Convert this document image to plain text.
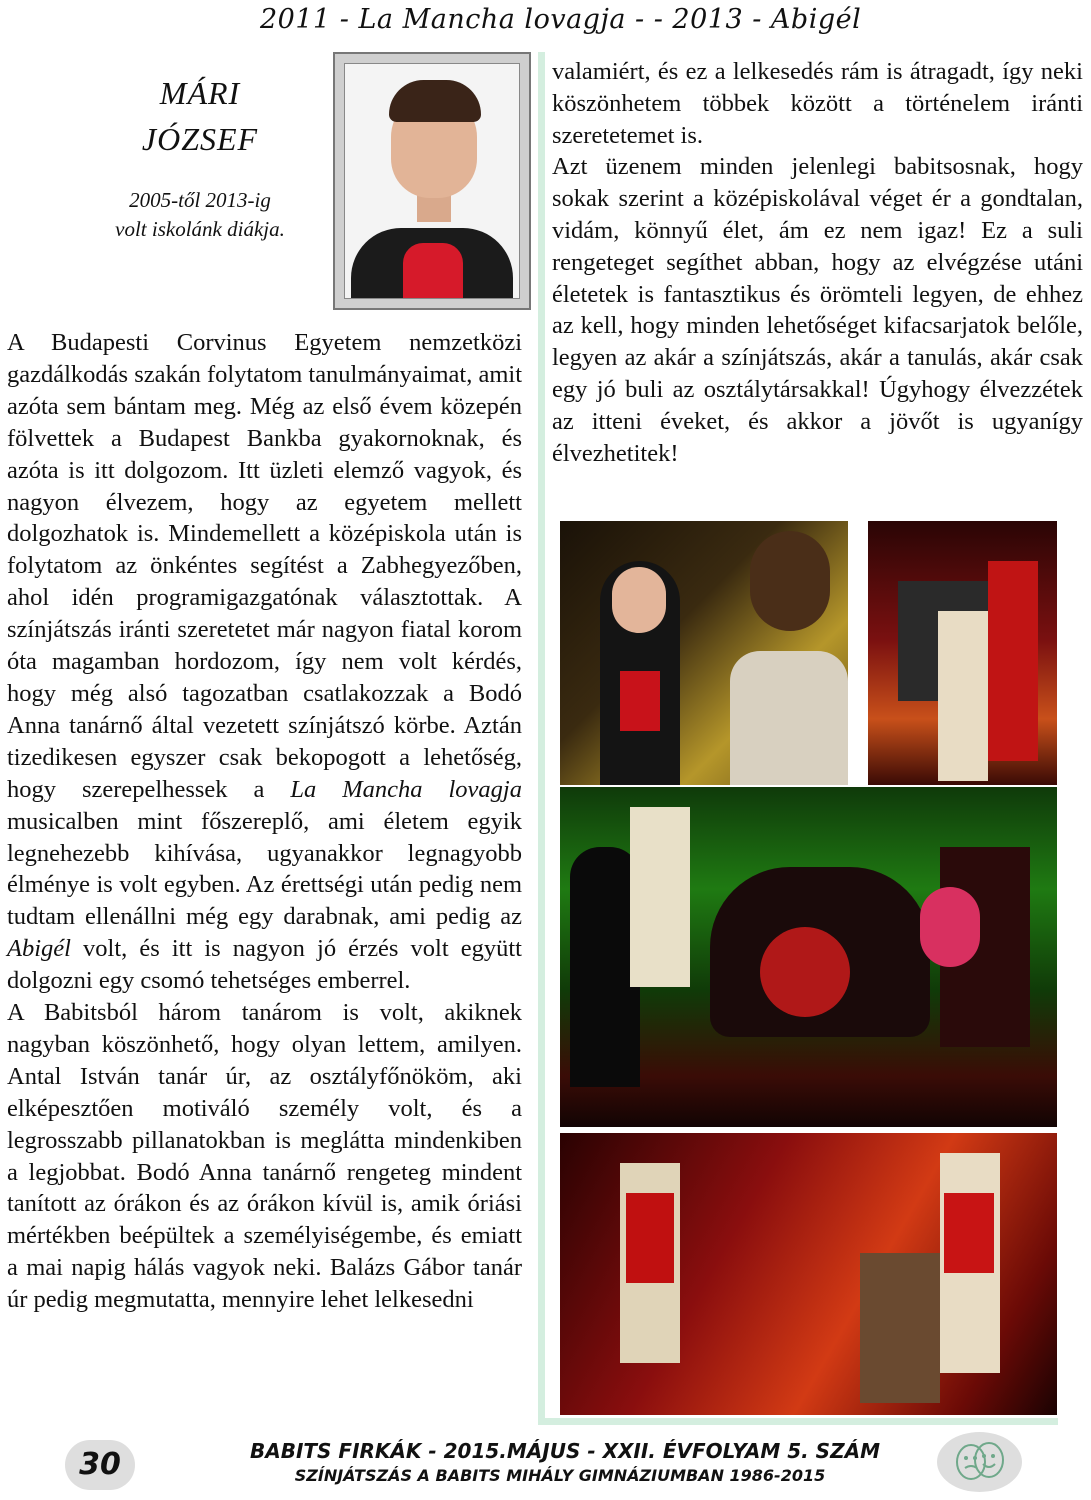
2011 - La Mancha lovagja - - 2013 - Abigél
MÁRI
JÓZSEF
2005-től 2013-ig
volt iskolánk diákja.

A Budapesti Corvinus Egyetem nemzetközi gazdálkodás szakán folytatom tanulmányaimat, amit azóta sem bántam meg. Még az első évem közepén fölvettek a Budapest Bankba gyakornoknak, és azóta is itt dolgozom. Itt üzleti elemző vagyok, és nagyon élvezem, hogy az egyetem mellett dolgozhatok is. Mindemellett a középiskola után is folytatom az önkéntes segítést a Zabhegyezőben, ahol idén programigazgatónak választottak. A színjátszás iránti szeretetet már nagyon fiatal korom óta magamban hordozom, így nem volt kérdés, hogy még alsó tagozatban csatlakozzak a Bodó Anna tanárnő által vezetett színjátszó körbe. Aztán tizedikesen egyszer csak bekopogott a lehetőség, hogy szerepelhessek a La Mancha lovagja musicalben mint főszereplő, ami életem egyik legnehezebb kihívása, ugyanakkor legnagyobb élménye is volt egyben. Az érettségi után pedig nem tudtam ellenállni még egy darabnak, ami pedig az Abigél volt, és itt is nagyon jó érzés volt együtt dolgozni egy csomó tehetséges emberrel.

A Babitsból három tanárom is volt, akiknek nagyban köszönhető, hogy olyan lettem, amilyen. Antal István tanár úr, az osztályfőnököm, aki elképesztően motiváló személy volt, és a legrosszabb pillanatokban is meglátta mindenkiben a legjobbat. Bodó Anna tanárnő rengeteg mindent tanított az órákon és az órákon kívül is, amik óriási mértékben beépültek a személyiségembe, és emiatt a mai napig hálás vagyok neki. Balázs Gábor tanár úr pedig megmutatta, mennyire lehet lelkesedni

valamiért, és ez a lelkesedés rám is átragadt, így neki köszönhetem többek között a történelem iránti szeretetemet is.

Azt üzenem minden jelenlegi babitsosnak, hogy sokak szerint a középiskolával véget ér a gondtalan, vidám, könnyű élet, ám ez nem igaz! Ez a suli rengeteget segíthet abban, hogy az elvégzése utáni életetek is fantasztikus és örömteli legyen, de ehhez az kell, hogy minden lehetőséget kifacsarjatok belőle, legyen az akár a színjátszás, akár a tanulás, akár csak egy jó buli az osztálytársakkal! Úgyhogy élvezzétek az itteni éveket, és akkor a jövőt is ugyanígy élvezhetitek!

30	BABITS FIRKÁK - 2015.MÁJUS - XXII. ÉVFOLYAM 5. SZÁM
SZÍNJÁTSZÁS A BABITS MIHÁLY GIMNÁZIUMBAN 1986-2015
